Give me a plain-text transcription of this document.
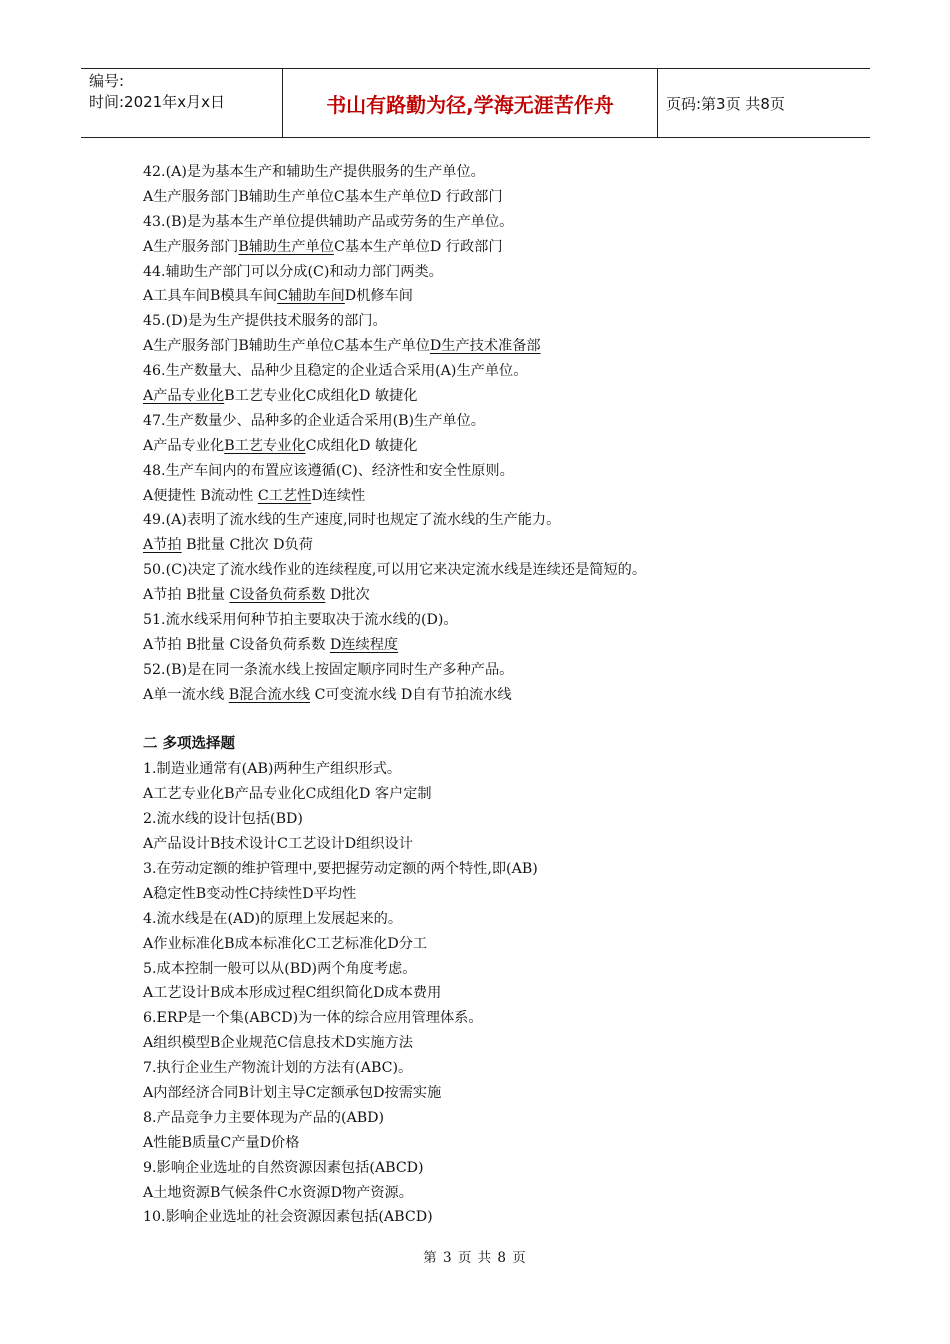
编号:
时间:2021年x月x日	书山有路勤为径,学海无涯苦作舟	页码:第3页 共8页
42.(A)是为基本生产和辅助生产提供服务的生产单位。
A生产服务部门B辅助生产单位C基本生产单位D 行政部门
43.(B)是为基本生产单位提供辅助产品或劳务的生产单位。
A生产服务部门B辅助生产单位C基本生产单位D 行政部门
44.辅助生产部门可以分成(C)和动力部门两类。
A工具车间B模具车间C辅助车间D机修车间
45.(D)是为生产提供技术服务的部门。
A生产服务部门B辅助生产单位C基本生产单位D生产技术准备部
46.生产数量大、品种少且稳定的企业适合采用(A)生产单位。
A产品专业化B工艺专业化C成组化D 敏捷化
47.生产数量少、品种多的企业适合采用(B)生产单位。
A产品专业化B工艺专业化C成组化D 敏捷化
48.生产车间内的布置应该遵循(C)、经济性和安全性原则。
A便捷性 B流动性 C工艺性D连续性
49.(A)表明了流水线的生产速度,同时也规定了流水线的生产能力。
A节拍 B批量 C批次 D负荷
50.(C)决定了流水线作业的连续程度,可以用它来决定流水线是连续还是简短的。
A节拍 B批量 C设备负荷系数 D批次
51.流水线采用何种节拍主要取决于流水线的(D)。
A节拍 B批量 C设备负荷系数 D连续程度
52.(B)是在同一条流水线上按固定顺序同时生产多种产品。
A单一流水线 B混合流水线 C可变流水线 D自有节拍流水线
二 多项选择题
1.制造业通常有(AB)两种生产组织形式。
A工艺专业化B产品专业化C成组化D 客户定制
2.流水线的设计包括(BD)
A产品设计B技术设计C工艺设计D组织设计
3.在劳动定额的维护管理中,要把握劳动定额的两个特性,即(AB)
A稳定性B变动性C持续性D平均性
4.流水线是在(AD)的原理上发展起来的。
A作业标准化B成本标准化C工艺标准化D分工
5.成本控制一般可以从(BD)两个角度考虑。
A工艺设计B成本形成过程C组织简化D成本费用
6.ERP是一个集(ABCD)为一体的综合应用管理体系。
A组织模型B企业规范C信息技术D实施方法
7.执行企业生产物流计划的方法有(ABC)。
A内部经济合同B计划主导C定额承包D按需实施
8.产品竞争力主要体现为产品的(ABD)
A性能B质量C产量D价格
9.影响企业选址的自然资源因素包括(ABCD)
A土地资源B气候条件C水资源D物产资源。
10.影响企业选址的社会资源因素包括(ABCD)
第 3 页 共 8 页
